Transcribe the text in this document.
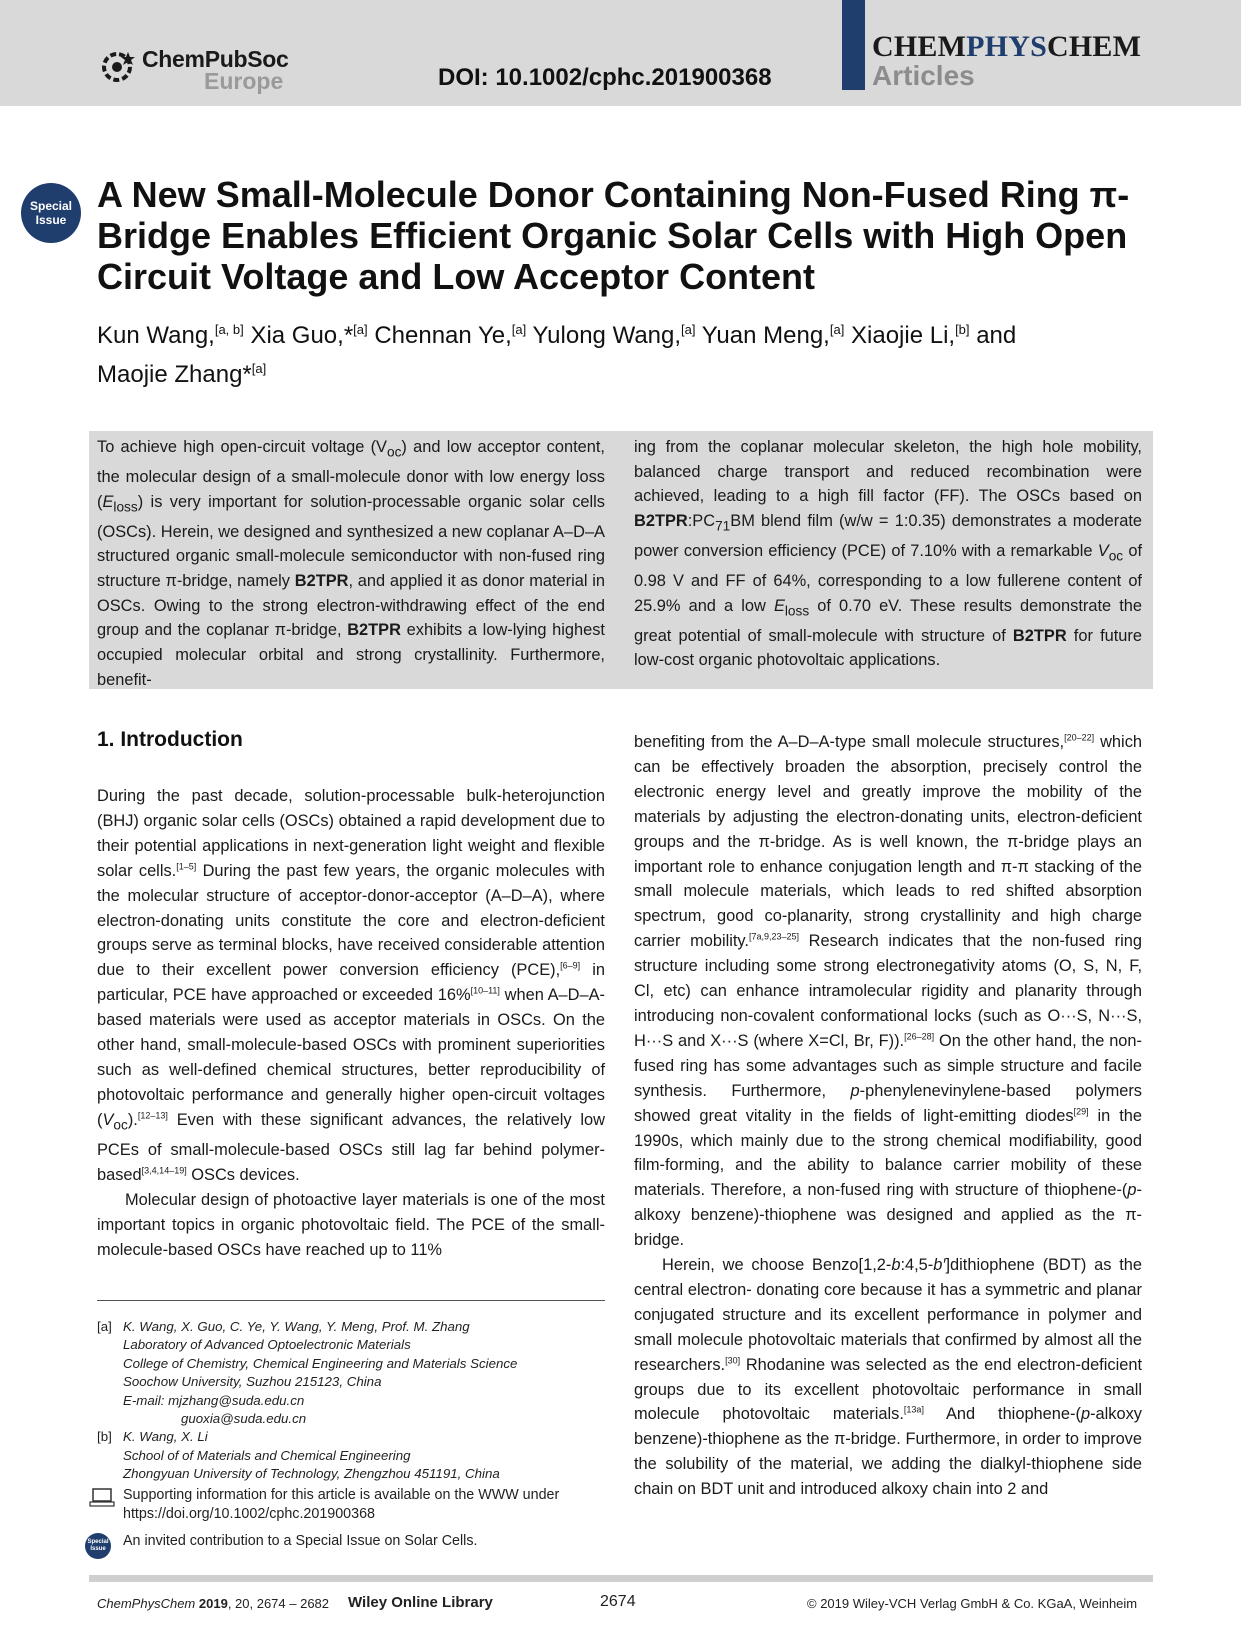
ChemPubSoc
Europe	DOI: 10.1002/cphc.201900368
CHEMPHYSCHEM
Articles
Special
Issue
A New Small-Molecule Donor Containing Non-Fused Ring π-Bridge Enables Efficient Organic Solar Cells with High Open Circuit Voltage and Low Acceptor Content
Kun Wang,[a, b] Xia Guo,*[a] Chennan Ye,[a] Yulong Wang,[a] Yuan Meng,[a] Xiaojie Li,[b] and
Maojie Zhang*[a]
To achieve high open-circuit voltage $(V_{oc})$ and low acceptor content, the molecular design of a small-molecule donor with low energy loss $(E_{loss})$ is very important for solution-processable organic solar cells (OSCs). Herein, we designed and synthesized a new coplanar A–D–A structured organic small-molecule semiconductor with non-fused ring structure π-bridge, namely B2TPR, and applied it as donor material in OSCs. Owing to the strong electron-withdrawing effect of the end group and the coplanar π-bridge, B2TPR exhibits a low-lying highest occupied molecular orbital and strong crystallinity. Furthermore, benefit-
ing from the coplanar molecular skeleton, the high hole mobility, balanced charge transport and reduced recombination were achieved, leading to a high fill factor (FF). The OSCs based on $B2TPR:PC_{71}BM$ blend film (w/w = 1:0.35) demonstrates a moderate power conversion efficiency (PCE) of 7.10% with a remarkable $V_{oc}$ of 0.98 V and FF of 64%, corresponding to a low fullerene content of 25.9% and a low $E_{loss}$ of 0.70 eV. These results demonstrate the great potential of small-molecule with structure of B2TPR for future low-cost organic photovoltaic applications.
1. Introduction

During the past decade, solution-processable bulk-heterojunction (BHJ) organic solar cells (OSCs) obtained a rapid development due to their potential applications in next-generation light weight and flexible solar cells.[1–5] During the past few years, the organic molecules with the molecular structure of acceptor-donor-acceptor (A–D–A), where electron-donating units constitute the core and electron-deficient groups serve as terminal blocks, have received considerable attention due to their excellent power conversion efficiency (PCE),[6–9] in particular, PCE have approached or exceeded 16%[10–11] when A–D–A-based materials were used as acceptor materials in OSCs. On the other hand, small-molecule-based OSCs with prominent superiorities such as well-defined chemical structures, better reproducibility of photovoltaic performance and generally higher open-circuit voltages $(V_{oc}).[12-13]$ Even with these significant advances, the relatively low PCEs of small-molecule-based OSCs still lag far behind polymer-based[3,4,14–19] OSCs devices.

Molecular design of photoactive layer materials is one of the most important topics in organic photovoltaic field. The PCE of the small-molecule-based OSCs have reached up to 11%

benefiting from the A–D–A-type small molecule structures,[20–22] which can be effectively broaden the absorption, precisely control the electronic energy level and greatly improve the mobility of the materials by adjusting the electron-donating units, electron-deficient groups and the π-bridge. As is well known, the π-bridge plays an important role to enhance conjugation length and π-π stacking of the small molecule materials, which leads to red shifted absorption spectrum, good co-planarity, strong crystallinity and high charge carrier mobility.[7a,9,23–25] Research indicates that the non-fused ring structure including some strong electronegativity atoms (O, S, N, F, Cl, etc) can enhance intramolecular rigidity and planarity through introducing non-covalent conformational locks (such as O···S, N···S, H···S and X···S (where X=Cl, Br, F)).[26–28] On the other hand, the non-fused ring has some advantages such as simple structure and facile synthesis. Furthermore, p-phenylenevinylene-based polymers showed great vitality in the fields of light-emitting diodes[29] in the 1990s, which mainly due to the strong chemical modifiability, good film-forming, and the ability to balance carrier mobility of these materials. Therefore, a non-fused ring with structure of thiophene-(p-alkoxy benzene)-thiophene was designed and applied as the π-bridge.

Herein, we choose Benzo[1,2-b:4,5-b′]dithiophene (BDT) as the central electron- donating core because it has a symmetric and planar conjugated structure and its excellent performance in polymer and small molecule photovoltaic materials that confirmed by almost all the researchers.[30] Rhodanine was selected as the end electron-deficient groups due to its excellent photovoltaic performance in small molecule photovoltaic materials.[13a] And thiophene-(p-alkoxy benzene)-thiophene as the π-bridge. Furthermore, in order to improve the solubility of the material, we adding the dialkyl-thiophene side chain on BDT unit and introduced alkoxy chain into 2 and

[a] K. Wang, X. Guo, C. Ye, Y. Wang, Y. Meng, Prof. M. Zhang
Laboratory of Advanced Optoelectronic Materials
College of Chemistry, Chemical Engineering and Materials Science
Soochow University, Suzhou 215123, China
E-mail: mjzhang@suda.edu.cn
guoxia@suda.edu.cn
[b] K. Wang, X. Li
School of of Materials and Chemical Engineering
Zhongyuan University of Technology, Zhengzhou 451191, China
Supporting information for this article is available on the WWW under https://doi.org/10.1002/cphc.201900368
Special
Issue An invited contribution to a Special Issue on Solar Cells.
ChemPhysChem 2019, 20, 2674 – 2682 Wiley Online Library	2674	© 2019 Wiley-VCH Verlag GmbH & Co. KGaA, Weinheim
